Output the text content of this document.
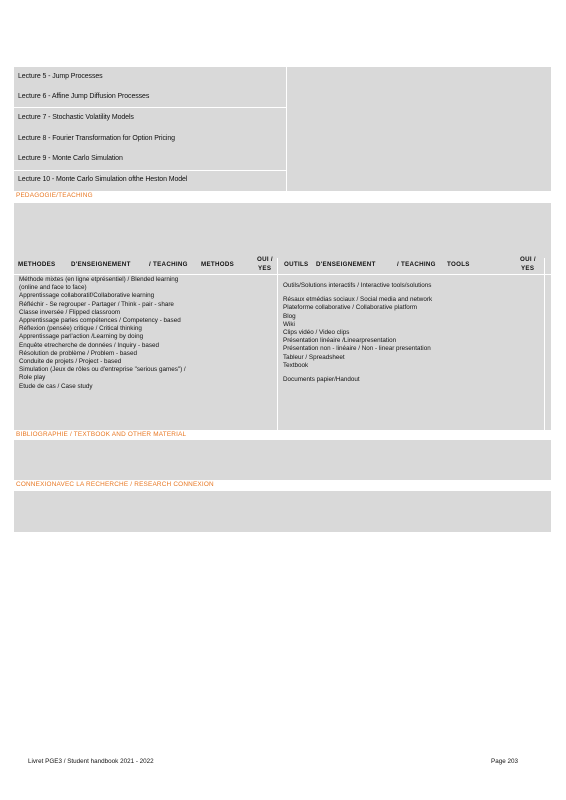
Lecture 5 - Jump Processes
Lecture 6 - Affine Jump Diffusion Processes
Lecture 7 - Stochastic Volatility Models
Lecture 8 - Fourier Transformation for Option Pricing
Lecture 9 - Monte Carlo Simulation
Lecture 10 - Monte Carlo Simulation ofthe Heston Model
PEDAGOGIE/TEACHING
METHODES	D'ENSEIGNEMENT	/ TEACHING METHODS
OUI /
YES
OUTILS D'ENSEIGNEMENT	/ TEACHING TOOLS
OUI /
YES
Méthode mixtes (en ligne etprésentiel) / Blended learning
(online and face to face)
Apprentissage collaboratif/Collaborative learning
Réfléchir - Se regrouper - Partager / Think - pair - share
Classe inversée / Flipped classroom
Apprentissage parles compétences / Competency - based
Réflexion (pensée) critique / Critical thinking
Apprentissage parl'action /Learning by doing
Enquête etrecherche de données / Inquiry - based
Résolution de problème / Problem - based
Conduite de projets / Project - based
Simulation (Jeux de rôles ou d'entreprise "serious games") /
Role play
Etude de cas / Case study
Outils/Solutions interactifs / Interactive tools/solutions
Résaux etmédias sociaux / Social media and network
Plateforme collaborative / Collaborative platform
Blog
Wiki
Clips vidéo / Video clips
Présentation linéaire /Linearpresentation
Présentation non - linéaire / Non - linear presentation
Tableur / Spreadsheet
Textbook
Documents papier/Handout
BIBLIOGRAPHIE / TEXTBOOK AND OTHER MATERIAL
CONNEXIONAVEC LA RECHERCHE / RESEARCH CONNEXION
Livret PGE3 / Student handbook 2021 - 2022	Page 203
